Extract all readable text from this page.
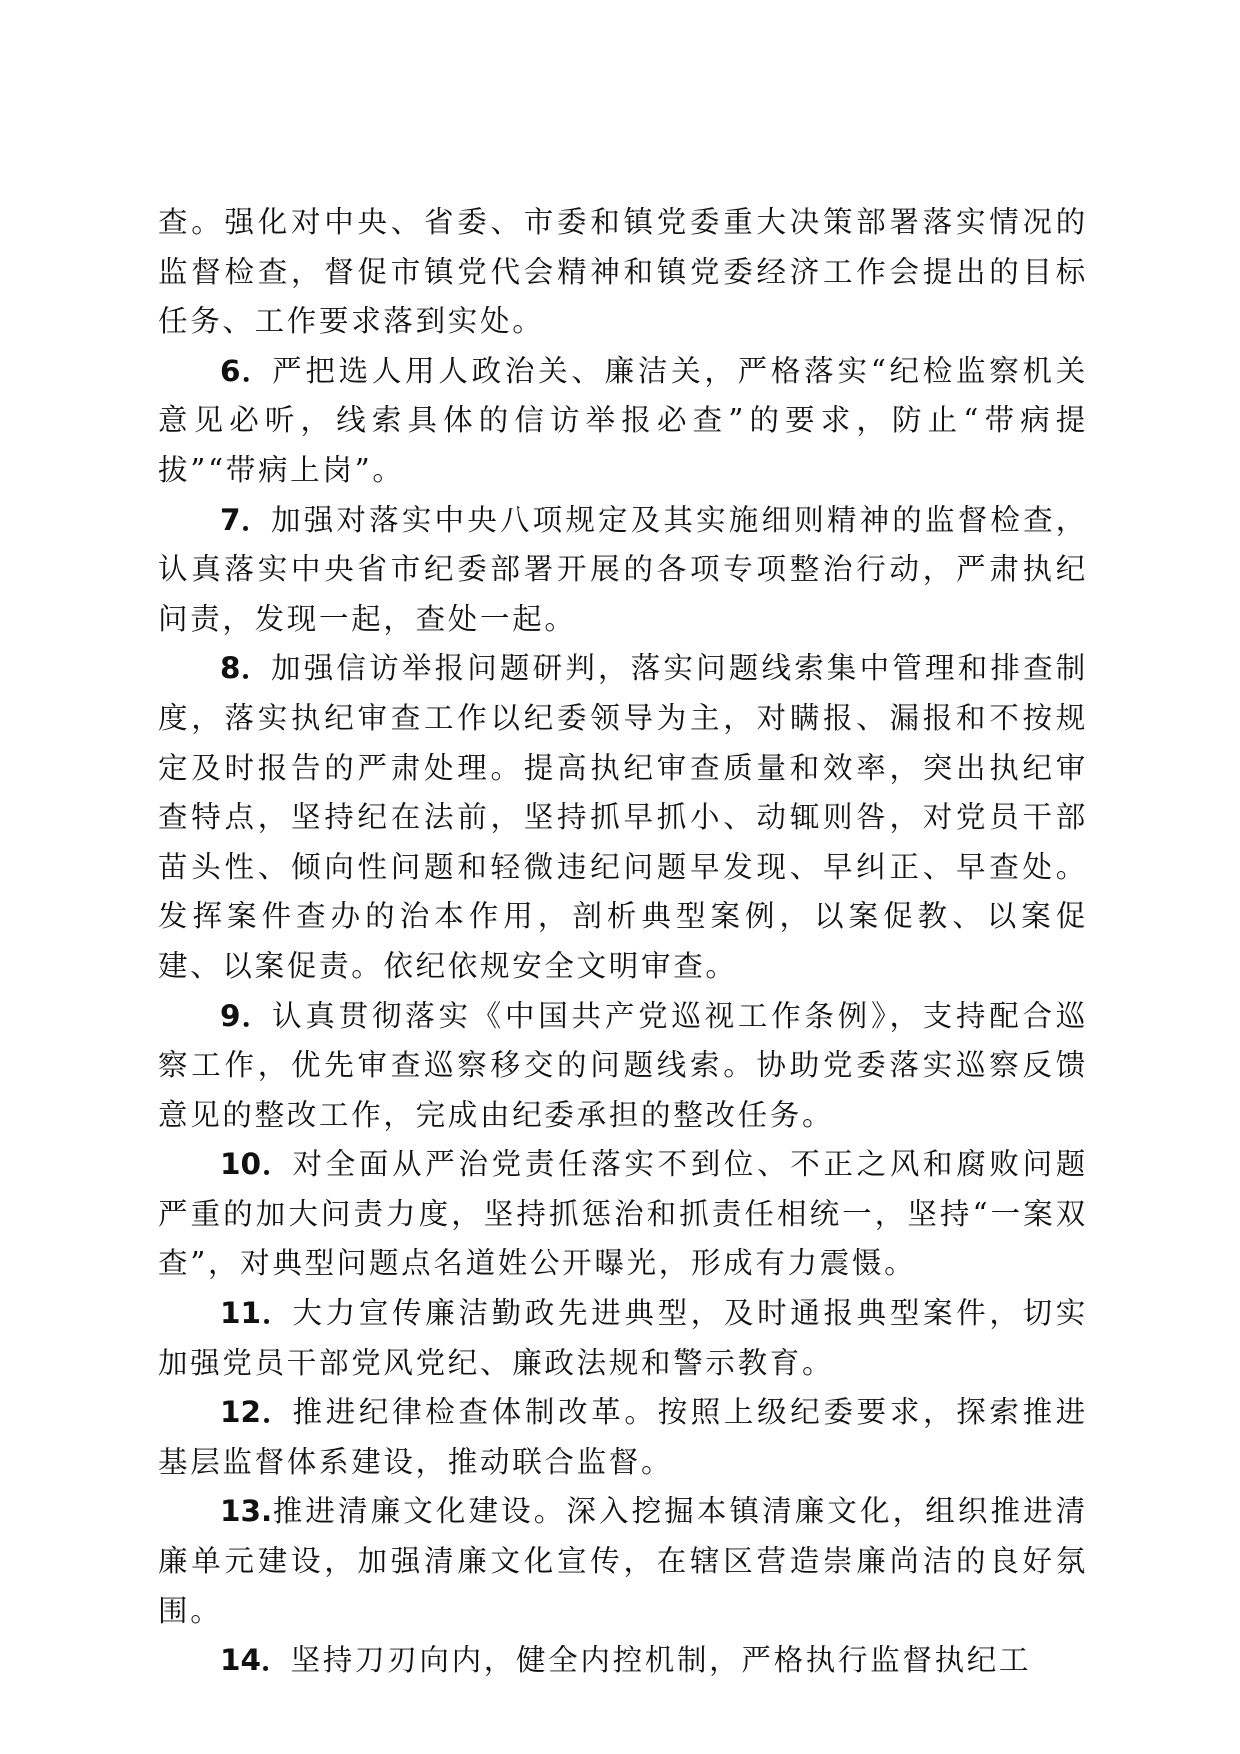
查。强化对中央、省委、市委和镇党委重大决策部署落实情况的监督检查，督促市镇党代会精神和镇党委经济工作会提出的目标任务、工作要求落到实处。

6．严把选人用人政治关、廉洁关，严格落实“纪检监察机关意见必听，线索具体的信访举报必查”的要求，防止“带病提拔”“带病上岗”。

7．加强对落实中央八项规定及其实施细则精神的监督检查，认真落实中央省市纪委部署开展的各项专项整治行动，严肃执纪问责，发现一起，查处一起。

8．加强信访举报问题研判，落实问题线索集中管理和排查制度，落实执纪审查工作以纪委领导为主，对瞒报、漏报和不按规定及时报告的严肃处理。提高执纪审查质量和效率，突出执纪审查特点，坚持纪在法前，坚持抓早抓小、动辄则咎，对党员干部苗头性、倾向性问题和轻微违纪问题早发现、早纠正、早查处。发挥案件查办的治本作用，剖析典型案例，以案促教、以案促建、以案促责。依纪依规安全文明审查。

9．认真贯彻落实《中国共产党巡视工作条例》，支持配合巡察工作，优先审查巡察移交的问题线索。协助党委落实巡察反馈意见的整改工作，完成由纪委承担的整改任务。

10．对全面从严治党责任落实不到位、不正之风和腐败问题严重的加大问责力度，坚持抓惩治和抓责任相统一，坚持“一案双查”，对典型问题点名道姓公开曝光，形成有力震慑。

11．大力宣传廉洁勤政先进典型，及时通报典型案件，切实加强党员干部党风党纪、廉政法规和警示教育。

12．推进纪律检查体制改革。按照上级纪委要求，探索推进基层监督体系建设，推动联合监督。

13.推进清廉文化建设。深入挖掘本镇清廉文化，组织推进清廉单元建设，加强清廉文化宣传，在辖区营造崇廉尚洁的良好氛围。

14．坚持刀刃向内，健全内控机制，严格执行监督执纪工
